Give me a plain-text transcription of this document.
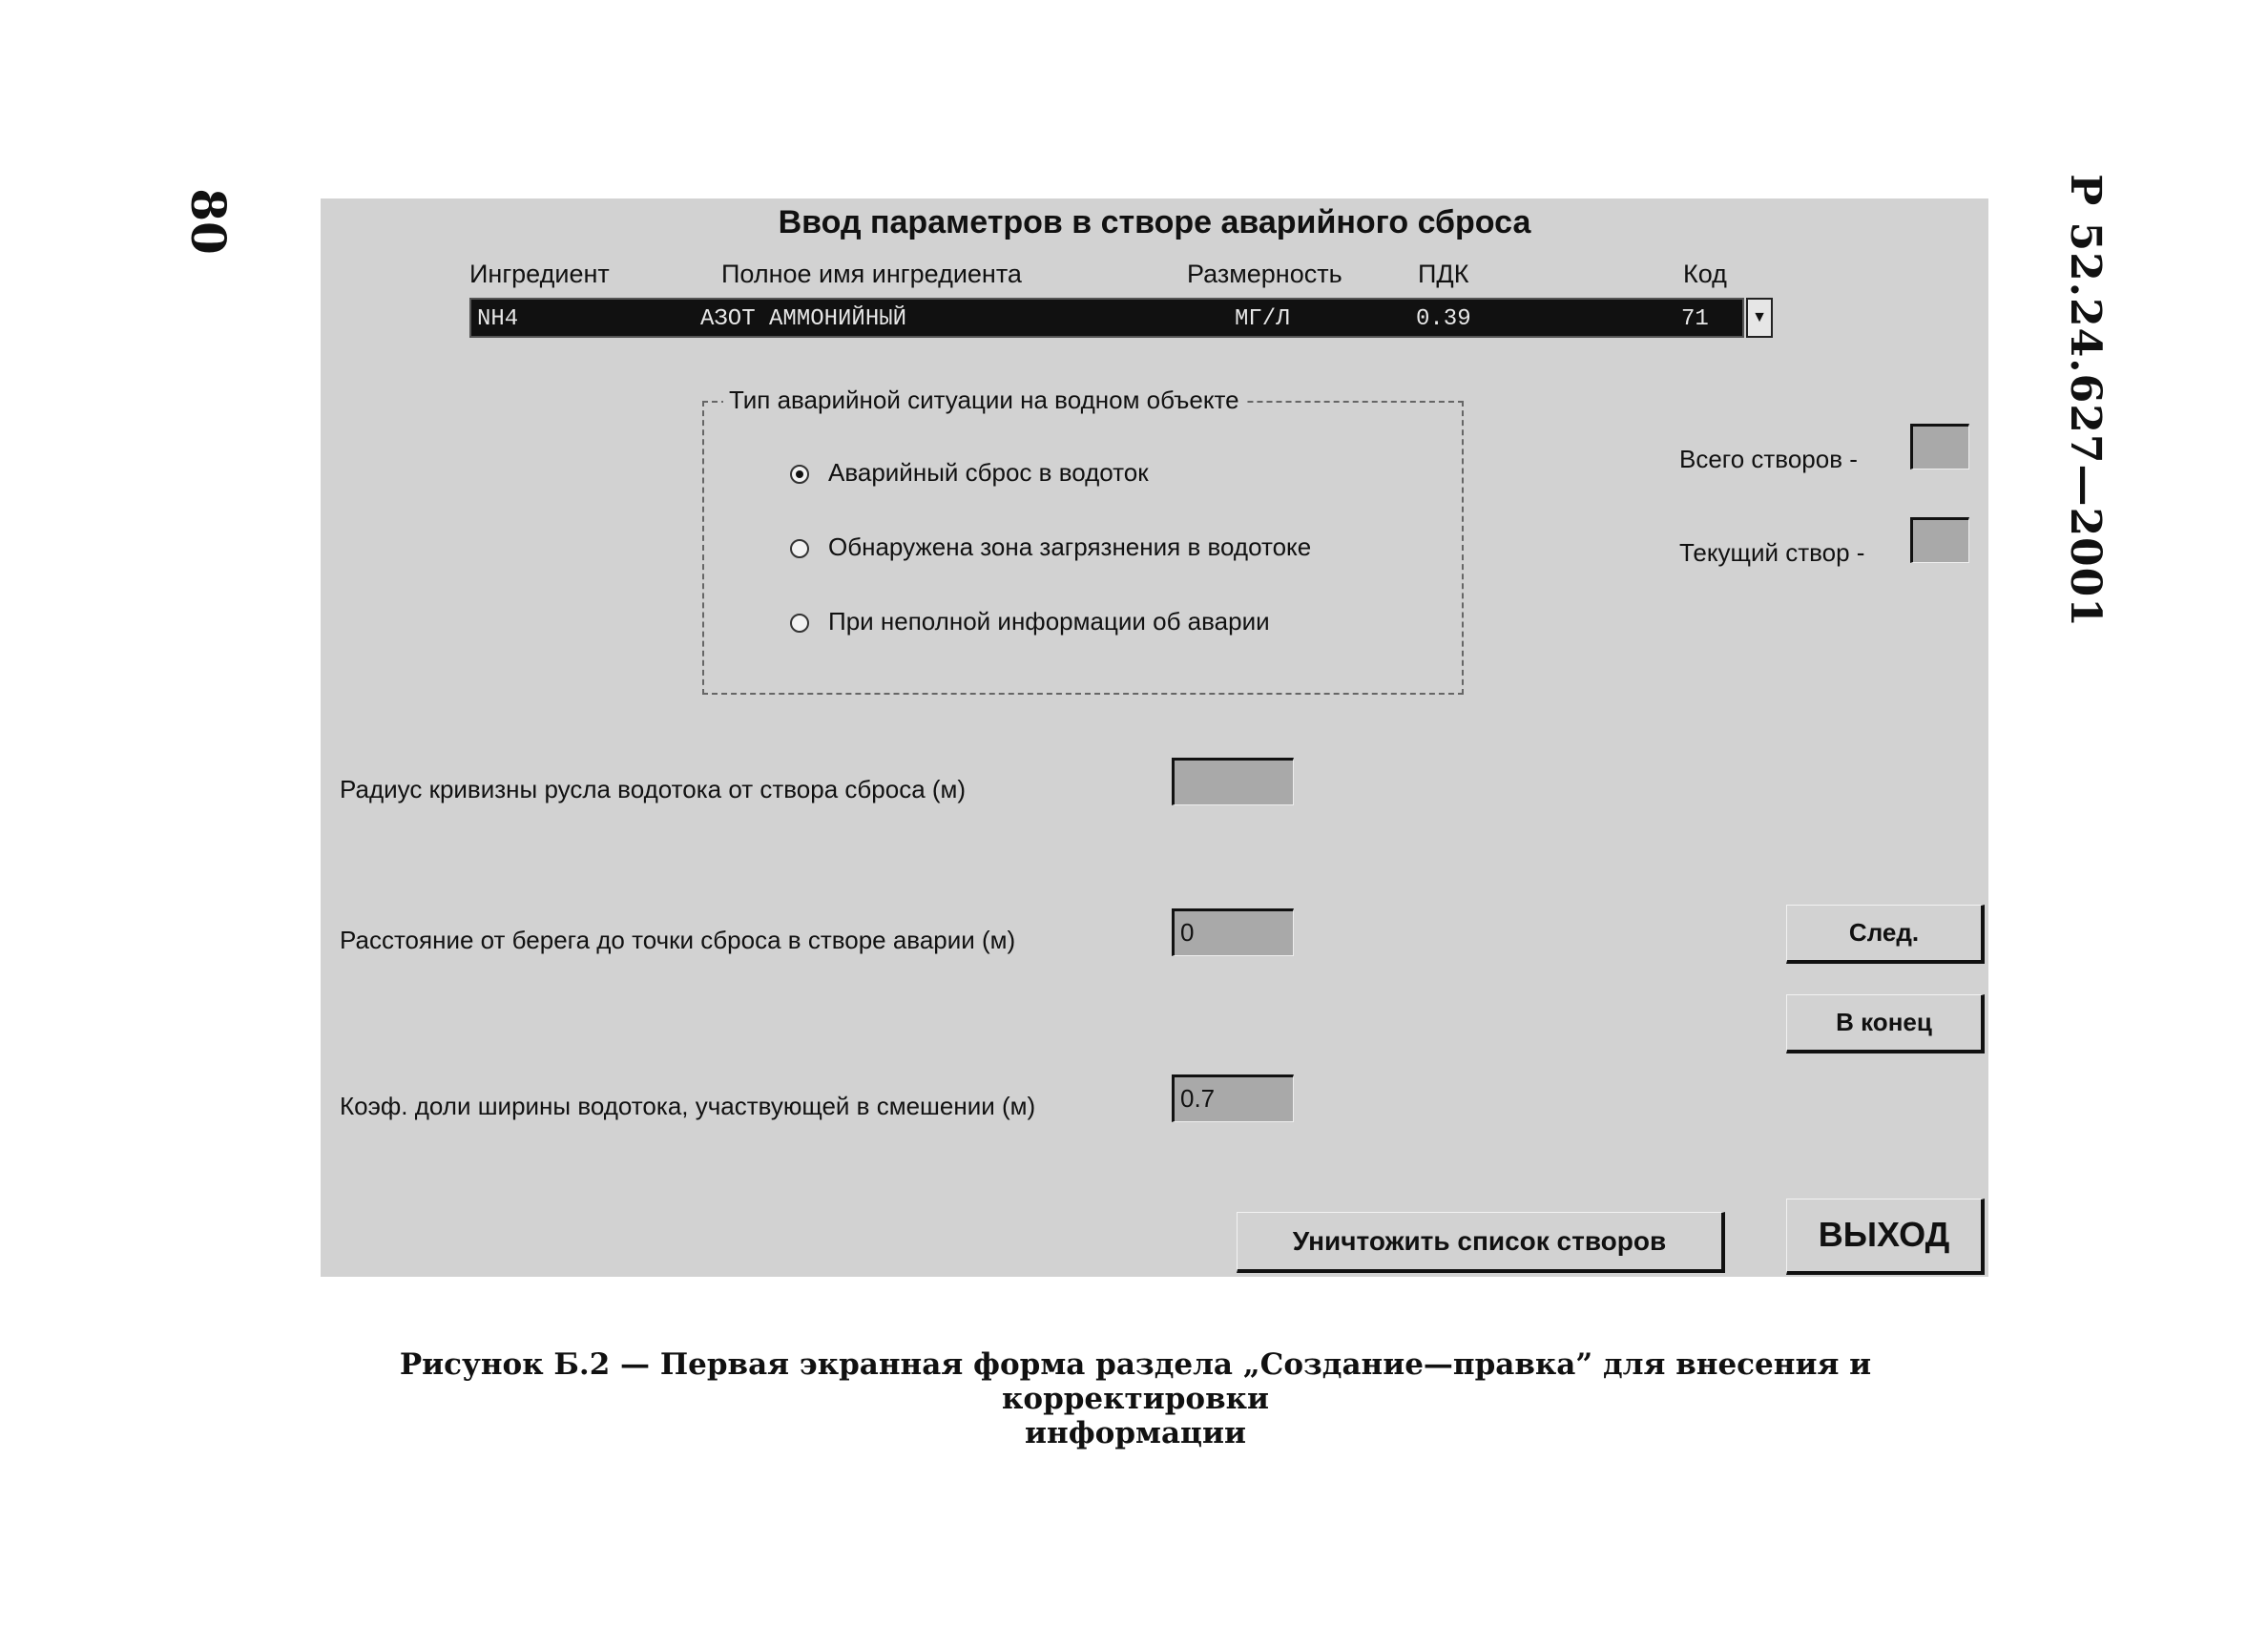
80	Р 52.24.627—2001
Ввод параметров в створе аварийного сброса
Ингредиент	Полное имя ингредиента	Размерность	ПДК	Код
NH4	АЗОТ АММОНИЙНЫЙ	МГ/Л	0.39	71	▼
Тип аварийной ситуации на водном объекте
Аварийный сброс в водоток
Обнаружена зона загрязнения в водотоке
При неполной информации об аварии
Всего створов -
Текущий створ -
Радиус кривизны русла водотока от створа сброса (м)
Расстояние от берега до точки сброса в створе аварии (м)	0
Коэф. доли ширины водотока, участвующей в смешении (м)	0.7
След.
В конец
Уничтожить список створов	ВЫХОД
Рисунок Б.2 — Первая экранная форма раздела „Создание—правка” для внесения и корректировки
информации
